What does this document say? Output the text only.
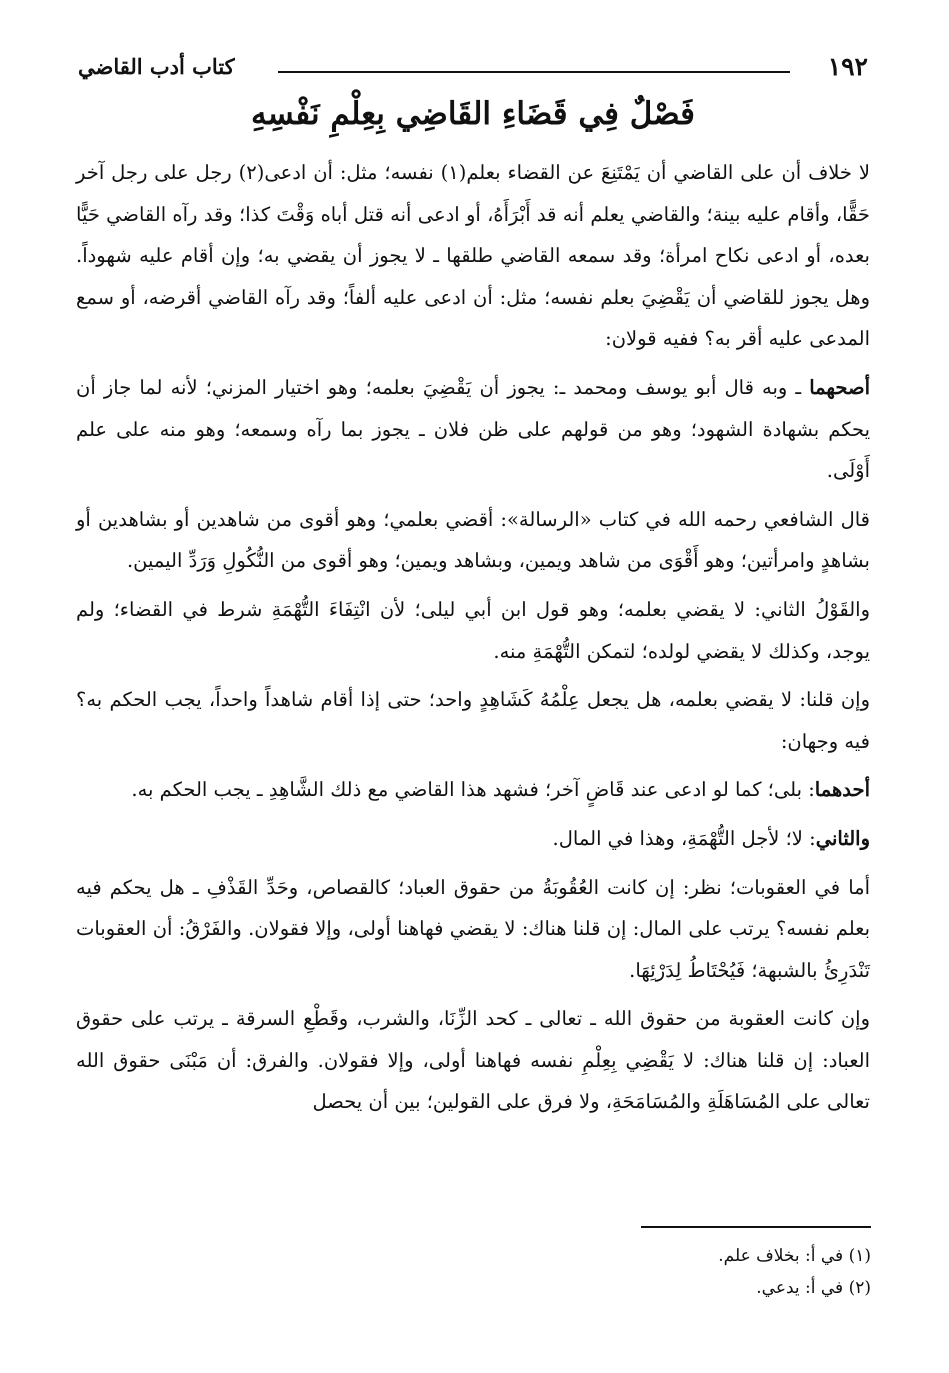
١٩٢
كتاب أدب القاضي
فَصْلٌ فِي قَضَاءِ القَاضِي بِعِلْمِ نَفْسِهِ

لا خلاف أن على القاضي أن يَمْتَنِعَ عن القضاء بعلم(١) نفسه؛ مثل: أن ادعى(٢) رجل على رجل آخر حَقًّا، وأقام عليه بينة؛ والقاضي يعلم أنه قد أَبْرَأَهُ، أو ادعى أنه قتل أباه وَقْتَ كذا؛ وقد رآه القاضي حَيًّا بعده، أو ادعى نكاح امرأة؛ وقد سمعه القاضي طلقها ـ لا يجوز أن يقضي به؛ وإن أقام عليه شهوداً. وهل يجوز للقاضي أن يَقْضِيَ بعلم نفسه؛ مثل: أن ادعى عليه ألفاً؛ وقد رآه القاضي أقرضه، أو سمع المدعى عليه أقر به؟ ففيه قولان:

أصحهما ـ وبه قال أبو يوسف ومحمد ـ: يجوز أن يَقْضِيَ بعلمه؛ وهو اختيار المزني؛ لأنه لما جاز أن يحكم بشهادة الشهود؛ وهو من قولهم على ظن فلان ـ يجوز بما رآه وسمعه؛ وهو منه على علم أَوْلَى.

قال الشافعي رحمه الله في كتاب «الرسالة»: أقضي بعلمي؛ وهو أقوى من شاهدين أو بشاهدين أو بشاهدٍ وامرأتين؛ وهو أَقْوَى من شاهد ويمين، وبشاهد ويمين؛ وهو أقوى من النُّكُولِ وَرَدِّ اليمين.

والقَوْلُ الثاني: لا يقضي بعلمه؛ وهو قول ابن أبي ليلى؛ لأن انْتِفَاءَ التُّهْمَةِ شرط في القضاء؛ ولم يوجد، وكذلك لا يقضي لولده؛ لتمكن التُّهْمَةِ منه.

وإن قلنا: لا يقضي بعلمه، هل يجعل عِلْمُهُ كَشَاهِدٍ واحد؛ حتى إذا أقام شاهداً واحداً، يجب الحكم به؟ فيه وجهان:

أحدهما: بلى؛ كما لو ادعى عند قَاضٍ آخر؛ فشهد هذا القاضي مع ذلك الشَّاهِدِ ـ يجب الحكم به.

والثاني: لا؛ لأجل التُّهْمَةِ، وهذا في المال.

أما في العقوبات؛ نظر: إن كانت العُقُوبَةُ من حقوق العباد؛ كالقصاص، وحَدِّ القَذْفِ ـ هل يحكم فيه بعلم نفسه؟ يرتب على المال: إن قلنا هناك: لا يقضي فهاهنا أولى، وإلا فقولان. والفَرْقُ: أن العقوبات تَنْدَرِئُ بالشبهة؛ فَيُحْتَاطُ لِدَرْئِهَا.

وإن كانت العقوبة من حقوق الله ـ تعالى ـ كحد الزِّنَا، والشرب، وقَطْعِ السرقة ـ يرتب على حقوق العباد: إن قلنا هناك: لا يَقْضِي بِعِلْمِ نفسه فهاهنا أولى، وإلا فقولان. والفرق: أن مَبْنَى حقوق الله تعالى على المُسَاهَلَةِ والمُسَامَحَةِ، ولا فرق على القولين؛ بين أن يحصل

(١) في أ: بخلاف علم.
(٢) في أ: يدعي.
